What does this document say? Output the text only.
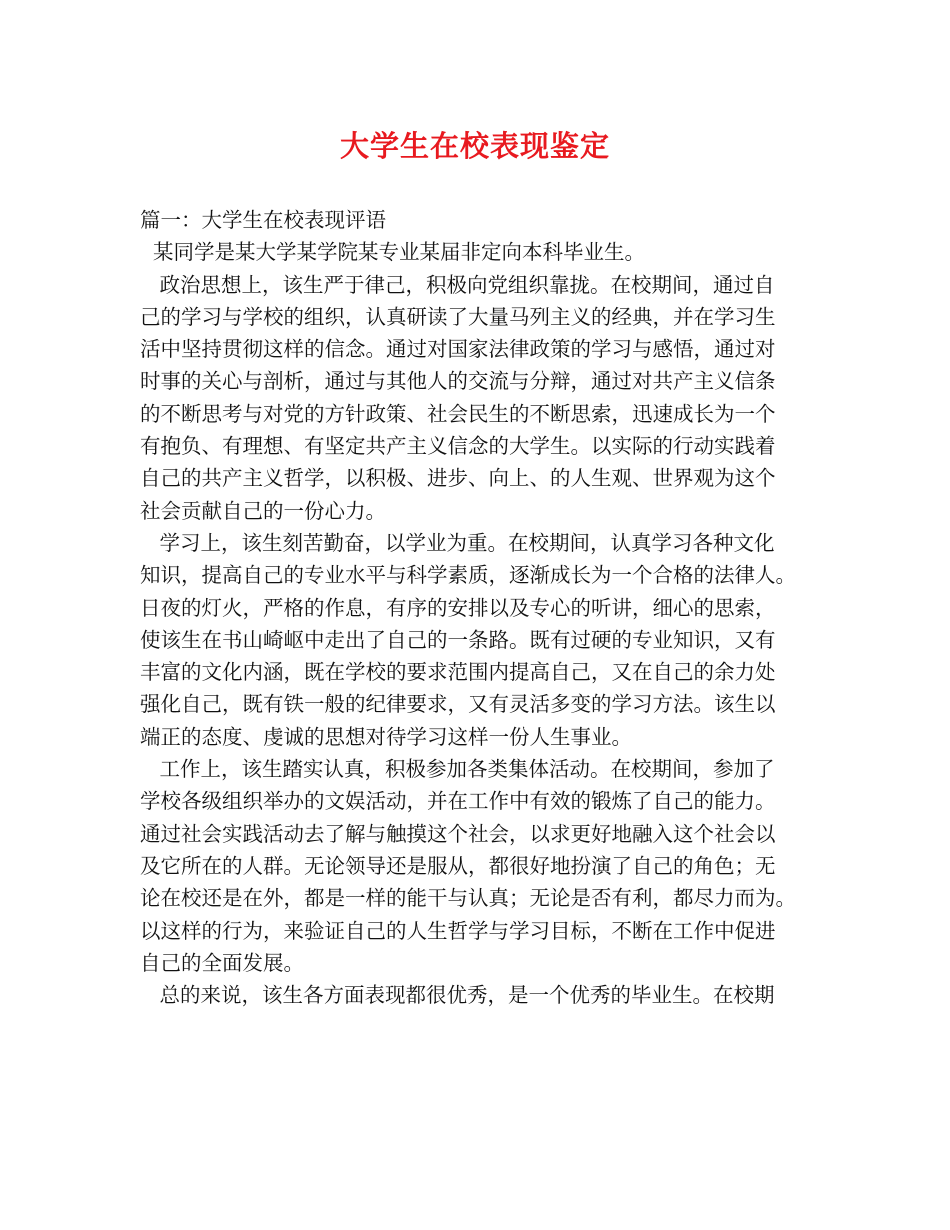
大学生在校表现鉴定
篇一：大学生在校表现评语
某同学是某大学某学院某专业某届非定向本科毕业生。
政治思想上，该生严于律己，积极向党组织靠拢。在校期间，通过自
己的学习与学校的组织，认真研读了大量马列主义的经典，并在学习生
活中坚持贯彻这样的信念。通过对国家法律政策的学习与感悟，通过对
时事的关心与剖析，通过与其他人的交流与分辩，通过对共产主义信条
的不断思考与对党的方针政策、社会民生的不断思索，迅速成长为一个
有抱负、有理想、有坚定共产主义信念的大学生。以实际的行动实践着
自己的共产主义哲学，以积极、进步、向上、的人生观、世界观为这个
社会贡献自己的一份心力。
学习上，该生刻苦勤奋，以学业为重。在校期间，认真学习各种文化
知识，提高自己的专业水平与科学素质，逐渐成长为一个合格的法律人。
日夜的灯火，严格的作息，有序的安排以及专心的听讲，细心的思索，
使该生在书山崎岖中走出了自己的一条路。既有过硬的专业知识，又有
丰富的文化内涵，既在学校的要求范围内提高自己，又在自己的余力处
强化自己，既有铁一般的纪律要求，又有灵活多变的学习方法。该生以
端正的态度、虔诚的思想对待学习这样一份人生事业。
工作上，该生踏实认真，积极参加各类集体活动。在校期间，参加了
学校各级组织举办的文娱活动，并在工作中有效的锻炼了自己的能力。
通过社会实践活动去了解与触摸这个社会，以求更好地融入这个社会以
及它所在的人群。无论领导还是服从，都很好地扮演了自己的角色；无
论在校还是在外，都是一样的能干与认真；无论是否有利，都尽力而为。
以这样的行为，来验证自己的人生哲学与学习目标，不断在工作中促进
自己的全面发展。
总的来说，该生各方面表现都很优秀，是一个优秀的毕业生。在校期
